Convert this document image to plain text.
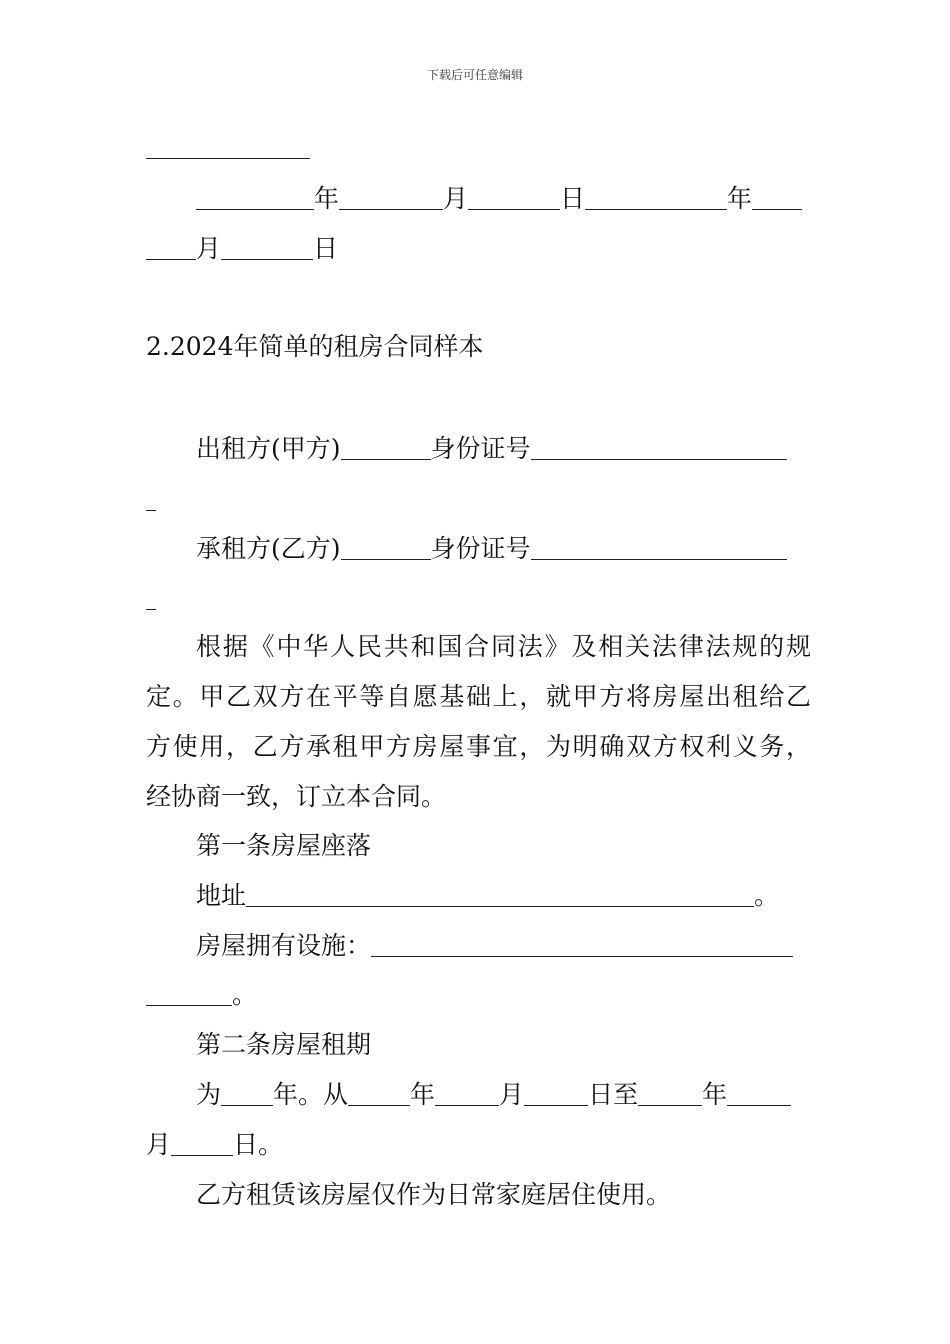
下载后可任意编辑
年	月	日	年
月	日
2.2024年简单的租房合同样本
出租方(甲方)	身份证号
承租方(乙方)	身份证号
根据《中华人民共和国合同法》及相关法律法规的规
定。甲乙双方在平等自愿基础上，就甲方将房屋出租给乙
方使用，乙方承租甲方房屋事宜，为明确双方权利义务，
经协商一致，订立本合同。
第一条房屋座落
地址	。
房屋拥有设施：
。
第二条房屋租期
为 年。从 年	月	日至	年
月 日。
乙方租赁该房屋仅作为日常家庭居住使用。
